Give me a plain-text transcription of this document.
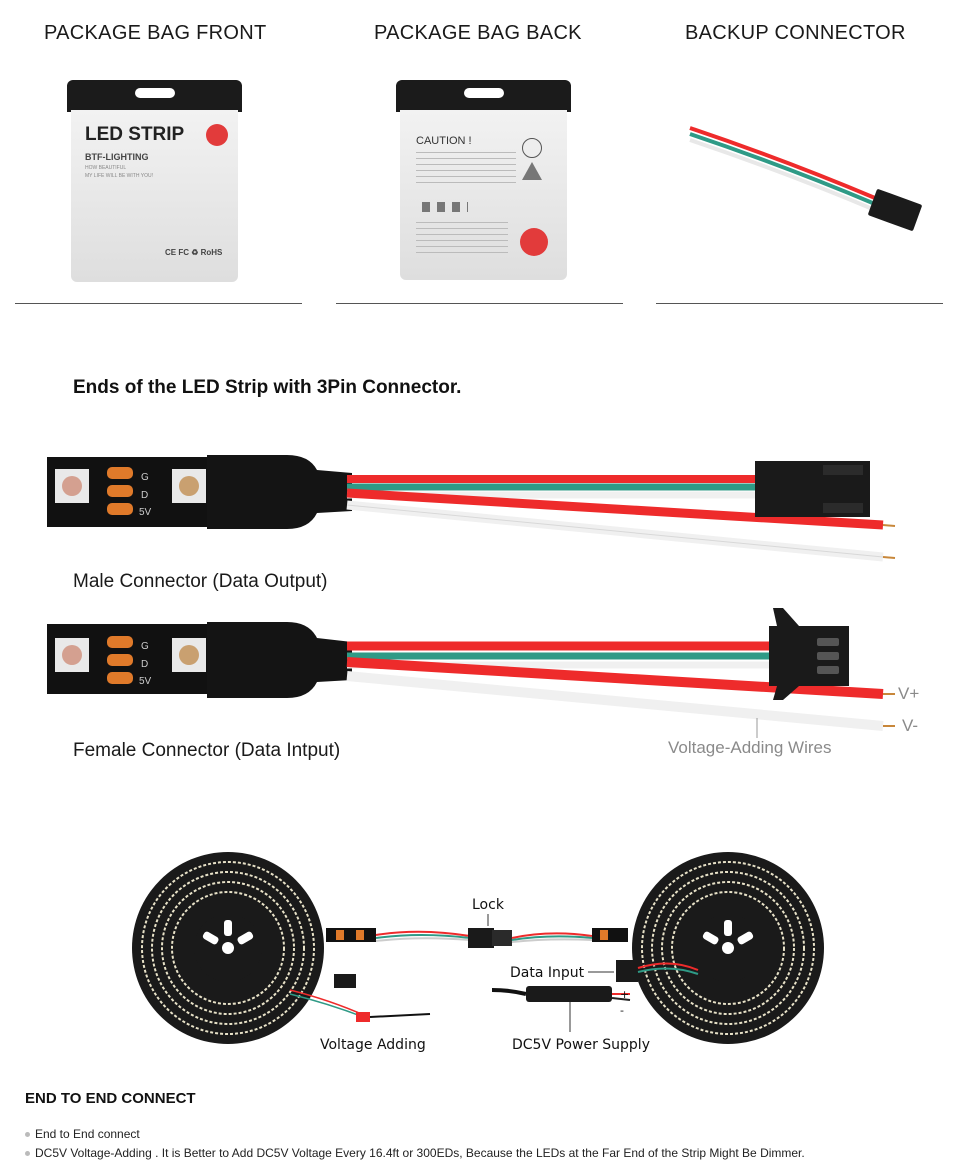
PACKAGE BAG FRONT	PACKAGE BAG BACK	BACKUP CONNECTOR
LED STRIP
BTF-LIGHTING
HOW BEAUTIFUL
MY LIFE WILL BE WITH YOU!
CE FC ♻ RoHS
CAUTION !
Ends of the LED Strip with 3Pin Connector.
G
D
5V
Male Connector (Data Output)
G
D
5V
V+
V-
Voltage-Adding Wires
Female Connector (Data Intput)
+
-
Lock
Data Input
Voltage Adding	DC5V Power Supply
END TO END CONNECT
End to End connect
DC5V Voltage-Adding . It is Better to Add DC5V Voltage Every 16.4ft or 300EDs, Because the LEDs at the Far End of the Strip Might Be Dimmer.
